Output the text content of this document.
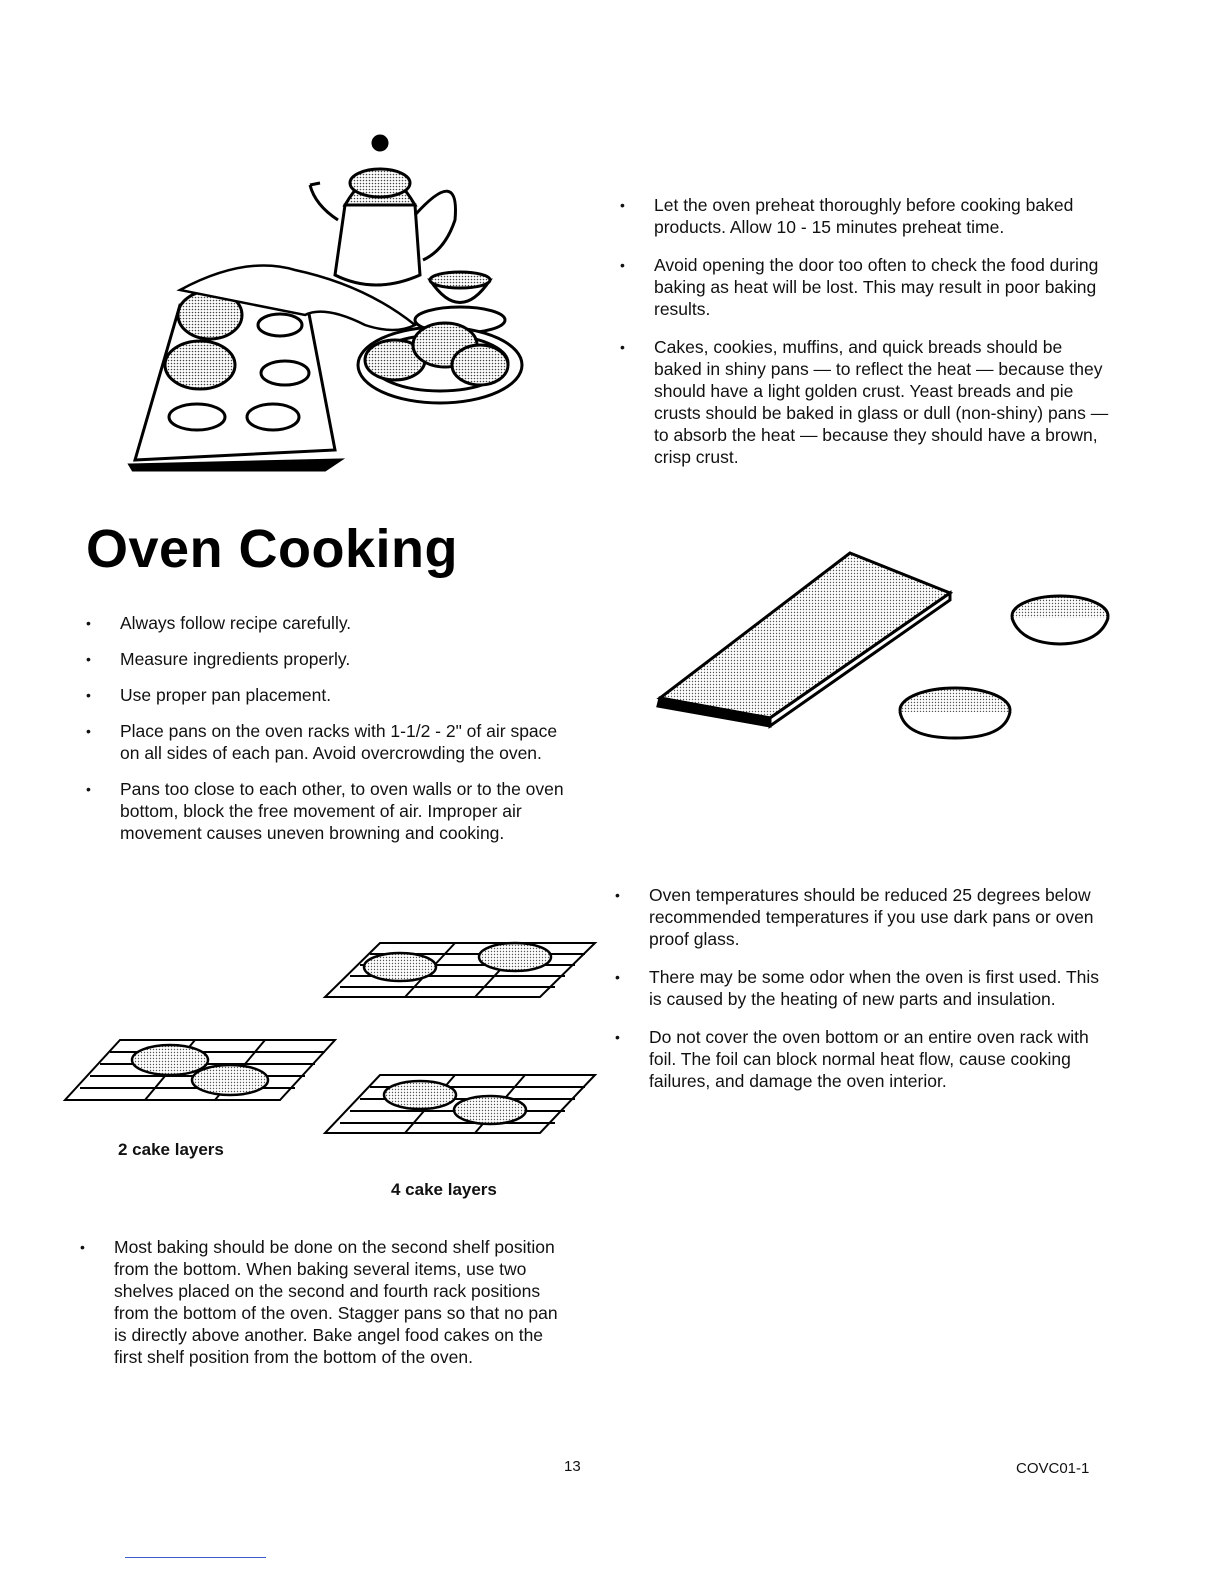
• Let the oven preheat thoroughly before cooking baked products. Allow 10 - 15 minutes preheat time.
• Avoid opening the door too often to check the food during baking as heat will be lost. This may result in poor baking results.
• Cakes, cookies, muffins, and quick breads should be baked in shiny pans — to reflect the heat — because they should have a light golden crust. Yeast breads and pie crusts should be baked in glass or dull (non-shiny) pans — to absorb the heat — because they should have a brown, crisp crust.
Oven Cooking
• Always follow recipe carefully.
• Measure ingredients properly.
• Use proper pan placement.
• Place pans on the oven racks with 1-1/2 - 2" of air space on all sides of each pan. Avoid overcrowding the oven.
• Pans too close to each other, to oven walls or to the oven bottom, block the free movement of air. Improper air movement causes uneven browning and cooking.
• Oven temperatures should be reduced 25 degrees below recommended temperatures if you use dark pans or oven proof glass.
• There may be some odor when the oven is first used. This is caused by the heating of new parts and insulation.
• Do not cover the oven bottom or an entire oven rack with foil. The foil can block normal heat flow, cause cooking failures, and damage the oven interior.
2 cake layers
4 cake layers
• Most baking should be done on the second shelf position from the bottom. When baking several items, use two shelves placed on the second and fourth rack positions from the bottom of the oven. Stagger pans so that no pan is directly above another. Bake angel food cakes on the first shelf position from the bottom of the oven.
13	COVC01-1
